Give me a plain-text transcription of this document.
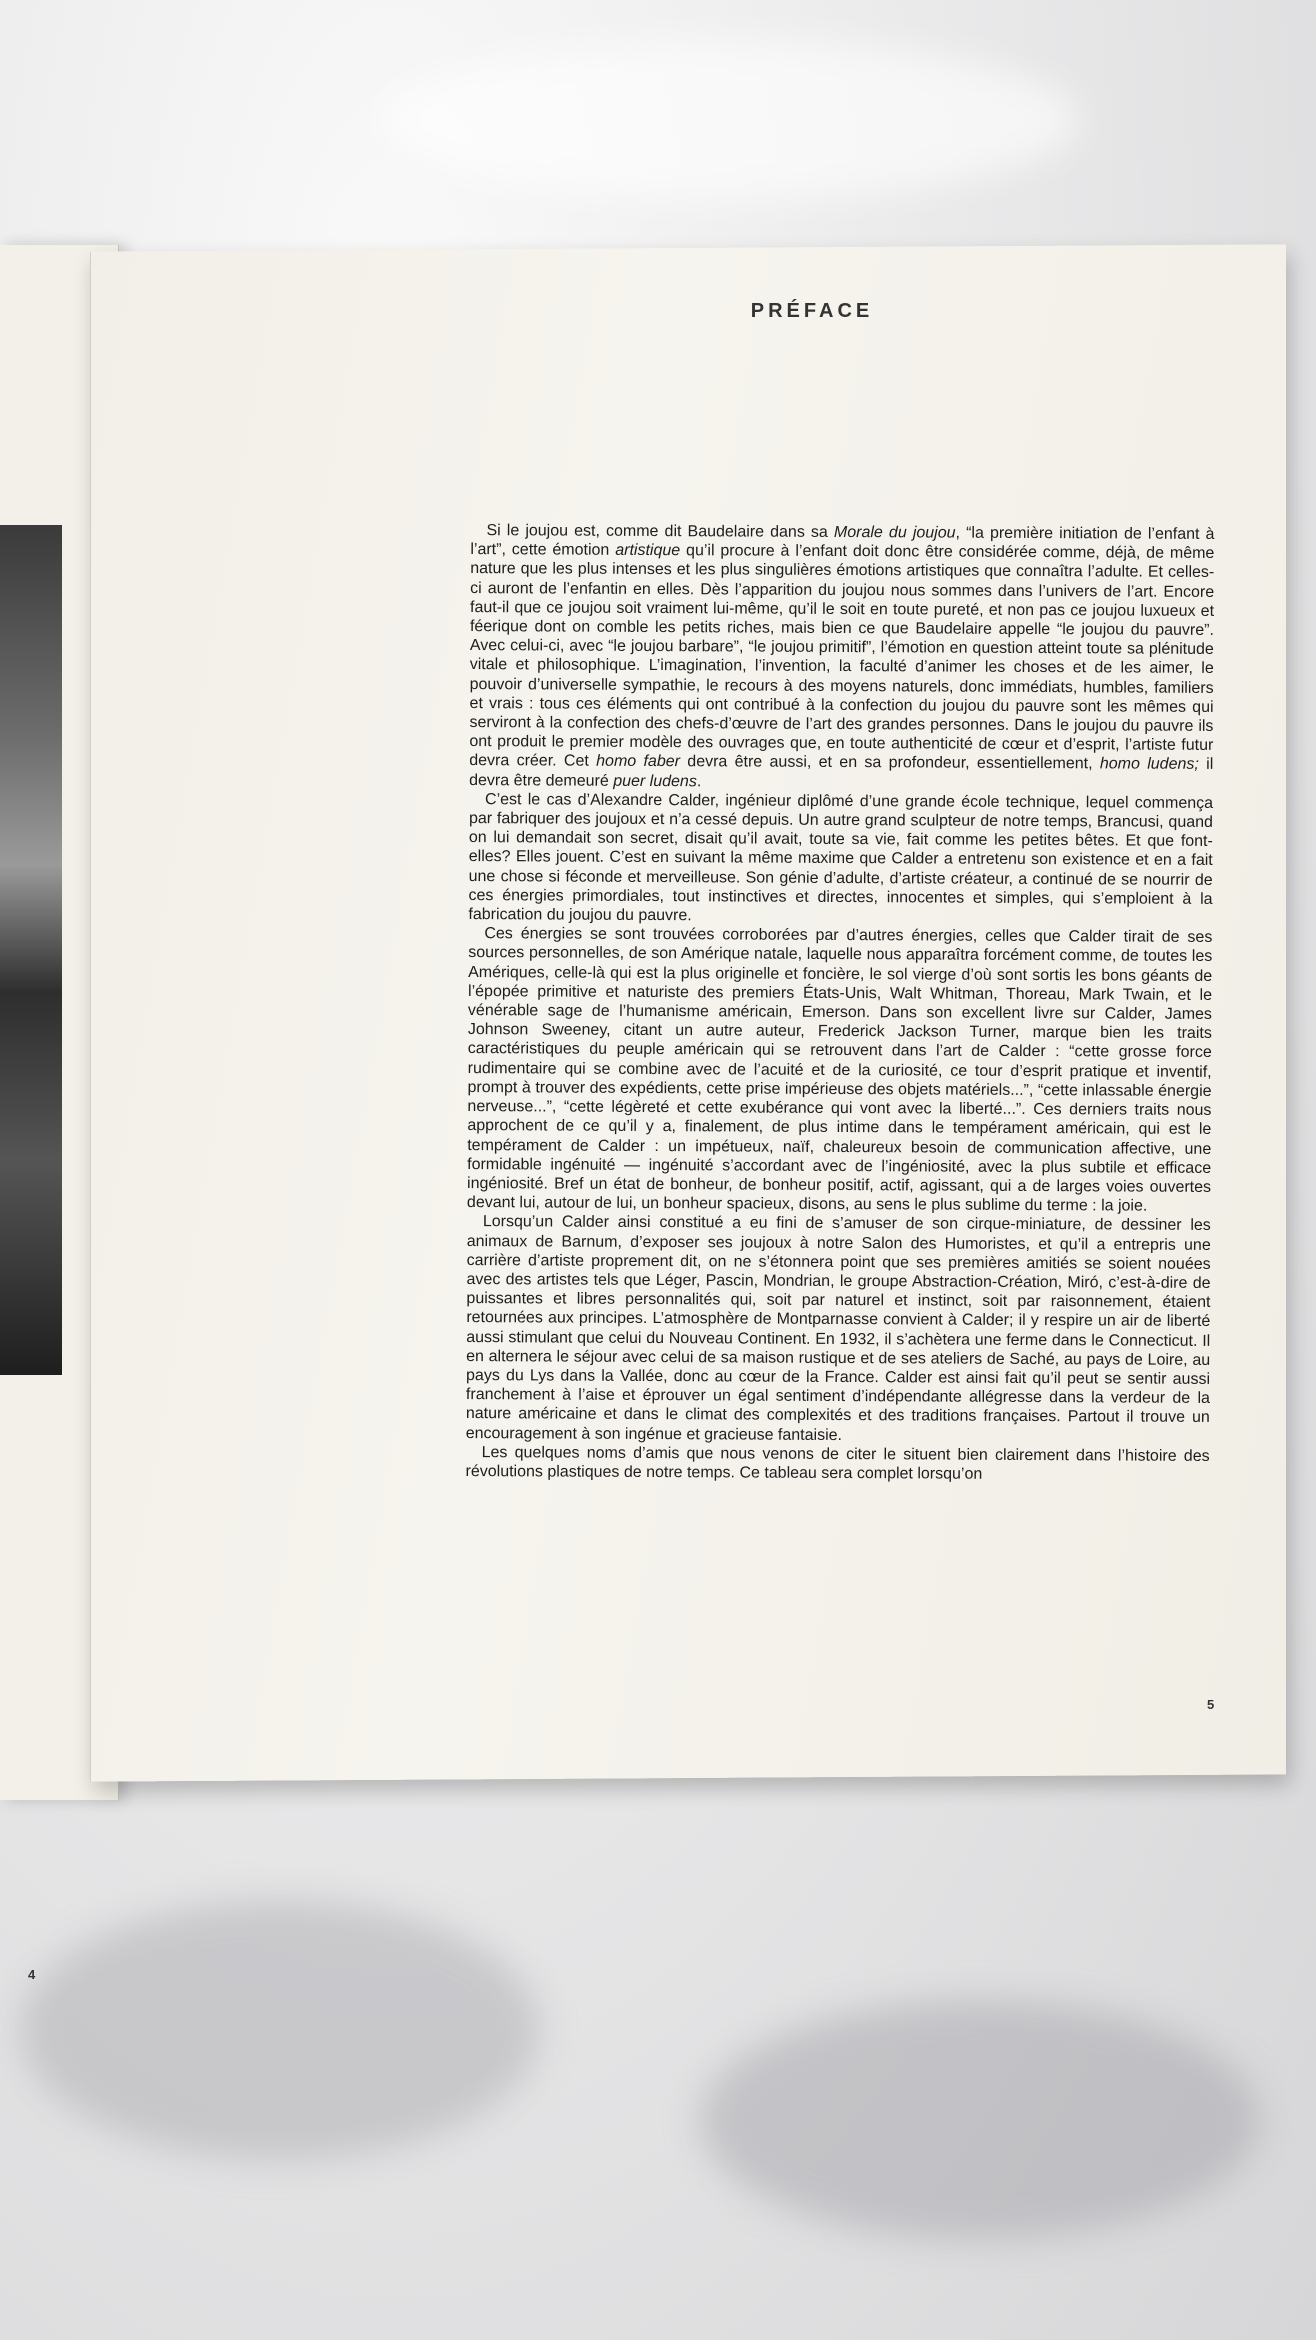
4
PRÉFACE

Si le joujou est, comme dit Baudelaire dans sa Morale du joujou, “la première initiation de l’enfant à l’art”, cette émotion artistique qu’il procure à l’enfant doit donc être considérée comme, déjà, de même nature que les plus intenses et les plus singulières émotions artistiques que connaîtra l’adulte. Et celles-ci auront de l’enfantin en elles. Dès l’apparition du joujou nous sommes dans l’univers de l’art. Encore faut-il que ce joujou soit vraiment lui-même, qu’il le soit en toute pureté, et non pas ce joujou luxueux et féerique dont on comble les petits riches, mais bien ce que Baudelaire appelle “le joujou du pauvre”. Avec celui-ci, avec “le joujou barbare”, “le joujou primitif”, l’émotion en question atteint toute sa plénitude vitale et philosophique. L’imagination, l’invention, la faculté d’animer les choses et de les aimer, le pouvoir d’universelle sympathie, le recours à des moyens naturels, donc immédiats, humbles, familiers et vrais : tous ces éléments qui ont contribué à la confection du joujou du pauvre sont les mêmes qui serviront à la confection des chefs-d’œuvre de l’art des grandes personnes. Dans le joujou du pauvre ils ont produit le premier modèle des ouvrages que, en toute authenticité de cœur et d’esprit, l’artiste futur devra créer. Cet homo faber devra être aussi, et en sa profondeur, essentiellement, homo ludens; il devra être demeuré puer ludens.

C’est le cas d’Alexandre Calder, ingénieur diplômé d’une grande école technique, lequel commença par fabriquer des joujoux et n’a cessé depuis. Un autre grand sculpteur de notre temps, Brancusi, quand on lui demandait son secret, disait qu’il avait, toute sa vie, fait comme les petites bêtes. Et que font-elles? Elles jouent. C’est en suivant la même maxime que Calder a entretenu son existence et en a fait une chose si féconde et merveilleuse. Son génie d’adulte, d’artiste créateur, a continué de se nourrir de ces énergies primordiales, tout instinctives et directes, innocentes et simples, qui s’emploient à la fabrication du joujou du pauvre.

Ces énergies se sont trouvées corroborées par d’autres énergies, celles que Calder tirait de ses sources personnelles, de son Amérique natale, laquelle nous apparaîtra forcément comme, de toutes les Amériques, celle-là qui est la plus originelle et foncière, le sol vierge d’où sont sortis les bons géants de l’épopée primitive et naturiste des premiers États-Unis, Walt Whitman, Thoreau, Mark Twain, et le vénérable sage de l’humanisme américain, Emerson. Dans son excellent livre sur Calder, James Johnson Sweeney, citant un autre auteur, Frederick Jackson Turner, marque bien les traits caractéristiques du peuple américain qui se retrouvent dans l’art de Calder : “cette grosse force rudimentaire qui se combine avec de l’acuité et de la curiosité, ce tour d’esprit pratique et inventif, prompt à trouver des expédients, cette prise impérieuse des objets matériels...”, “cette inlassable énergie nerveuse...”, “cette légèreté et cette exubérance qui vont avec la liberté...”. Ces derniers traits nous approchent de ce qu’il y a, finalement, de plus intime dans le tempérament américain, qui est le tempérament de Calder : un impétueux, naïf, chaleureux besoin de communication affective, une formidable ingénuité — ingénuité s’accordant avec de l’ingéniosité, avec la plus subtile et efficace ingéniosité. Bref un état de bonheur, de bonheur positif, actif, agissant, qui a de larges voies ouvertes devant lui, autour de lui, un bonheur spacieux, disons, au sens le plus sublime du terme : la joie.

Lorsqu’un Calder ainsi constitué a eu fini de s’amuser de son cirque-miniature, de dessiner les animaux de Barnum, d’exposer ses joujoux à notre Salon des Humoristes, et qu’il a entrepris une carrière d’artiste proprement dit, on ne s’étonnera point que ses premières amitiés se soient nouées avec des artistes tels que Léger, Pascin, Mondrian, le groupe Abstraction-Création, Miró, c’est-à-dire de puissantes et libres personnalités qui, soit par naturel et instinct, soit par raisonnement, étaient retournées aux principes. L’atmosphère de Montparnasse convient à Calder; il y respire un air de liberté aussi stimulant que celui du Nouveau Continent. En 1932, il s’achètera une ferme dans le Connecticut. Il en alternera le séjour avec celui de sa maison rustique et de ses ateliers de Saché, au pays de Loire, au pays du Lys dans la Vallée, donc au cœur de la France. Calder est ainsi fait qu’il peut se sentir aussi franchement à l’aise et éprouver un égal sentiment d’indépendante allégresse dans la verdeur de la nature américaine et dans le climat des complexités et des traditions françaises. Partout il trouve un encouragement à son ingénue et gracieuse fantaisie.

Les quelques noms d’amis que nous venons de citer le situent bien clairement dans l’histoire des révolutions plastiques de notre temps. Ce tableau sera complet lorsqu’on

5
